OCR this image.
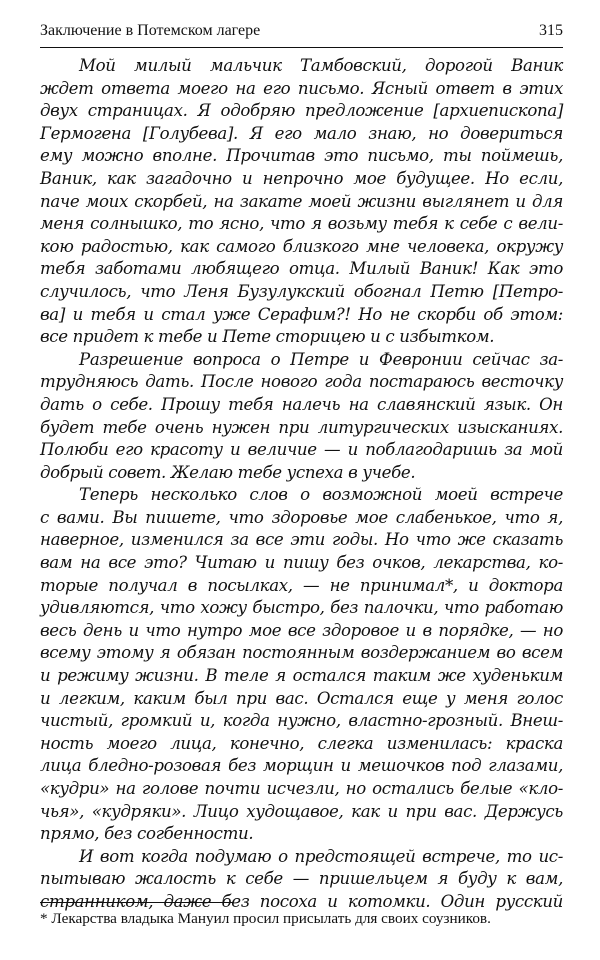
Заключение в Потемском лагере	315
Мой милый мальчик Тамбовский, дорогой Ваник
ждет ответа моего на его письмо. Ясный ответ в этих
двух страницах. Я одобряю предложение [архиепископа]
Гермогена [Голубева]. Я его мало знаю, но довериться
ему можно вполне. Прочитав это письмо, ты поймешь,
Ваник, как загадочно и непрочно мое будущее. Но если,
паче моих скорбей, на закате моей жизни выглянет и для
меня солнышко, то ясно, что я возьму тебя к себе с вели-
кою радостью, как самого близкого мне человека, окружу
тебя заботами любящего отца. Милый Ваник! Как это
случилось, что Леня Бузулукский обогнал Петю [Петро-
ва] и тебя и стал уже Серафим?! Но не скорби об этом:
все придет к тебе и Пете сторицею и с избытком.
Разрешение вопроса о Петре и Февронии сейчас за-
трудняюсь дать. После нового года постараюсь весточку
дать о себе. Прошу тебя налечь на славянский язык. Он
будет тебе очень нужен при литургических изысканиях.
Полюби его красоту и величие — и поблагодаришь за мой
добрый совет. Желаю тебе успеха в учебе.
Теперь несколько слов о возможной моей встрече
с вами. Вы пишете, что здоровье мое слабенькое, что я,
наверное, изменился за все эти годы. Но что же сказать
вам на все это? Читаю и пишу без очков, лекарства, ко-
торые получал в посылках, — не принимал*, и доктора
удивляются, что хожу быстро, без палочки, что работаю
весь день и что нутро мое все здоровое и в порядке, — но
всему этому я обязан постоянным воздержанием во всем
и режиму жизни. В теле я остался таким же худеньким
и легким, каким был при вас. Остался еще у меня голос
чистый, громкий и, когда нужно, властно-грозный. Внеш-
ность моего лица, конечно, слегка изменилась: краска
лица бледно-розовая без морщин и мешочков под глазами,
«кудри» на голове почти исчезли, но остались белые «кло-
чья», «кудряки». Лицо худощавое, как и при вас. Держусь
прямо, без согбенности.
И вот когда подумаю о предстоящей встрече, то ис-
пытываю жалость к себе — пришельцем я буду к вам,
странником, даже без посоха и котомки. Один русский
* Лекарства владыка Мануил просил присылать для своих соузников.
